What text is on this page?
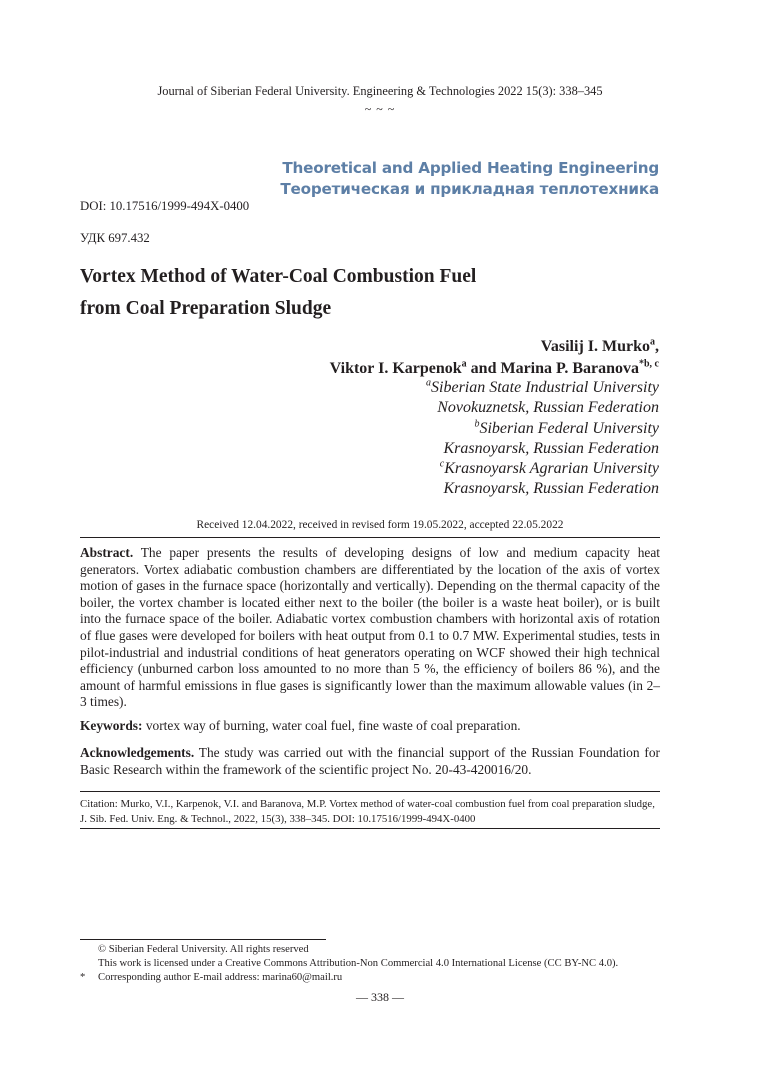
Journal of Siberian Federal University. Engineering & Technologies 2022 15(3): 338–345
~ ~ ~
Theoretical and Applied Heating Engineering
Теоретическая и прикладная теплотехника
DOI: 10.17516/1999-494X-0400
УДК 697.432
Vortex Method of Water-Coal Combustion Fuel
from Coal Preparation Sludge
Vasilij I. Murko$^a$,
Viktor I. Karpenok$^a$ and Marina P. Baranova$^{*b, c}$
$^a$Siberian State Industrial University
Novokuznetsk, Russian Federation
$^b$Siberian Federal University
Krasnoyarsk, Russian Federation
$^c$Krasnoyarsk Agrarian University
Krasnoyarsk, Russian Federation
Received 12.04.2022, received in revised form 19.05.2022, accepted 22.05.2022
Abstract. The paper presents the results of developing designs of low and medium capacity heat generators. Vortex adiabatic combustion chambers are differentiated by the location of the axis of vortex motion of gases in the furnace space (horizontally and vertically). Depending on the thermal capacity of the boiler, the vortex chamber is located either next to the boiler (the boiler is a waste heat boiler), or is built into the furnace space of the boiler. Adiabatic vortex combustion chambers with horizontal axis of rotation of flue gases were developed for boilers with heat output from 0.1 to 0.7 MW. Experimental studies, tests in pilot-industrial and industrial conditions of heat generators operating on WCF showed their high technical efficiency (unburned carbon loss amounted to no more than 5 %, the efficiency of boilers 86 %), and the amount of harmful emissions in flue gases is significantly lower than the maximum allowable values (in 2–3 times).
Keywords: vortex way of burning, water coal fuel, fine waste of coal preparation.
Acknowledgements. The study was carried out with the financial support of the Russian Foundation for Basic Research within the framework of the scientific project No. 20-43-420016/20.
Citation: Murko, V.I., Karpenok, V.I. and Baranova, M.P. Vortex method of water-coal combustion fuel from coal preparation sludge, J. Sib. Fed. Univ. Eng. & Technol., 2022, 15(3), 338–345. DOI: 10.17516/1999-494X-0400
© Siberian Federal University. All rights reserved
This work is licensed under a Creative Commons Attribution-Non Commercial 4.0 International License (CC BY-NC 4.0).
* Corresponding author E-mail address: marina60@mail.ru
— 338 —
